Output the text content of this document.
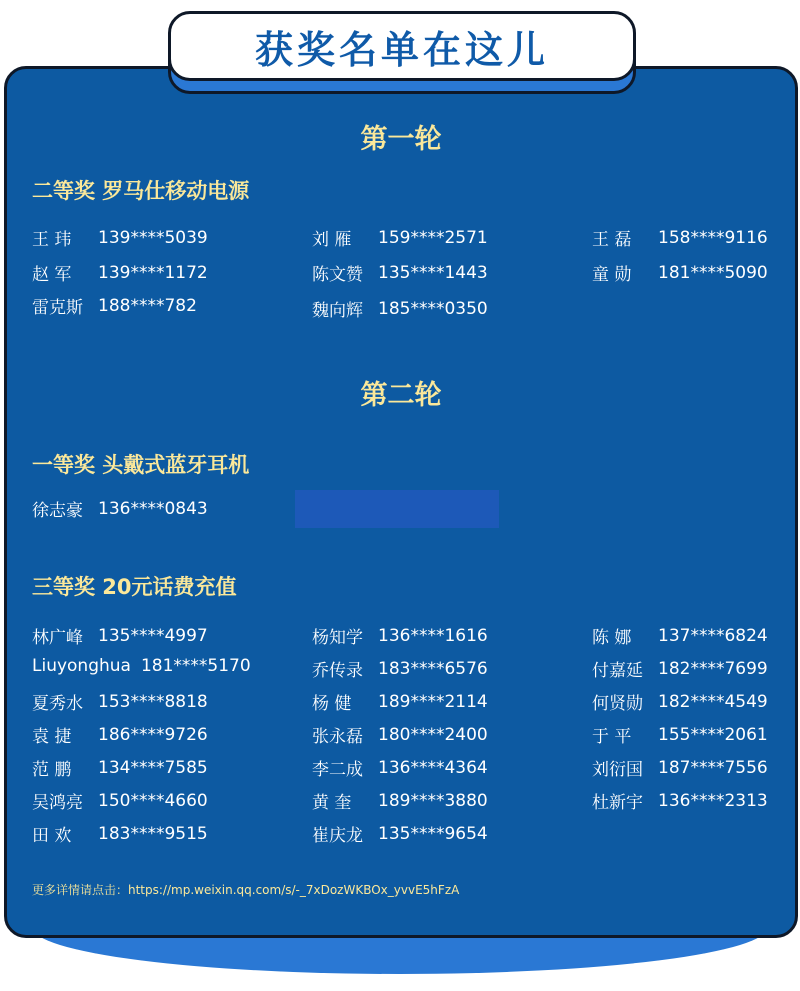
获奖名单在这儿
第一轮
二等奖 罗马仕移动电源
王 玮	139****5039	刘 雁	159****2571	王 磊	158****9116
赵 军	139****1172	陈文赞 135****1443	童 勋	181****5090
雷克斯 188****782	魏向辉 185****0350
第二轮
一等奖 头戴式蓝牙耳机
徐志豪 136****0843
三等奖 20元话费充值
林广峰 135****4997	杨知学 136****1616	陈 娜	137****6824
Liuyonghua 181****5170	乔传录 183****6576	付嘉延 182****7699
夏秀水 153****8818	杨 健	189****2114	何贤勋 182****4549
袁 捷	186****9726	张永磊 180****2400	于 平	155****2061
范 鹏	134****7585	李二成 136****4364	刘衍国 187****7556
吴鸿亮 150****4660	黄 奎	189****3880	杜新宇 136****2313
田 欢	183****9515	崔庆龙 135****9654
更多详情请点击：https://mp.weixin.qq.com/s/-_7xDozWKBOx_yvvE5hFzA
